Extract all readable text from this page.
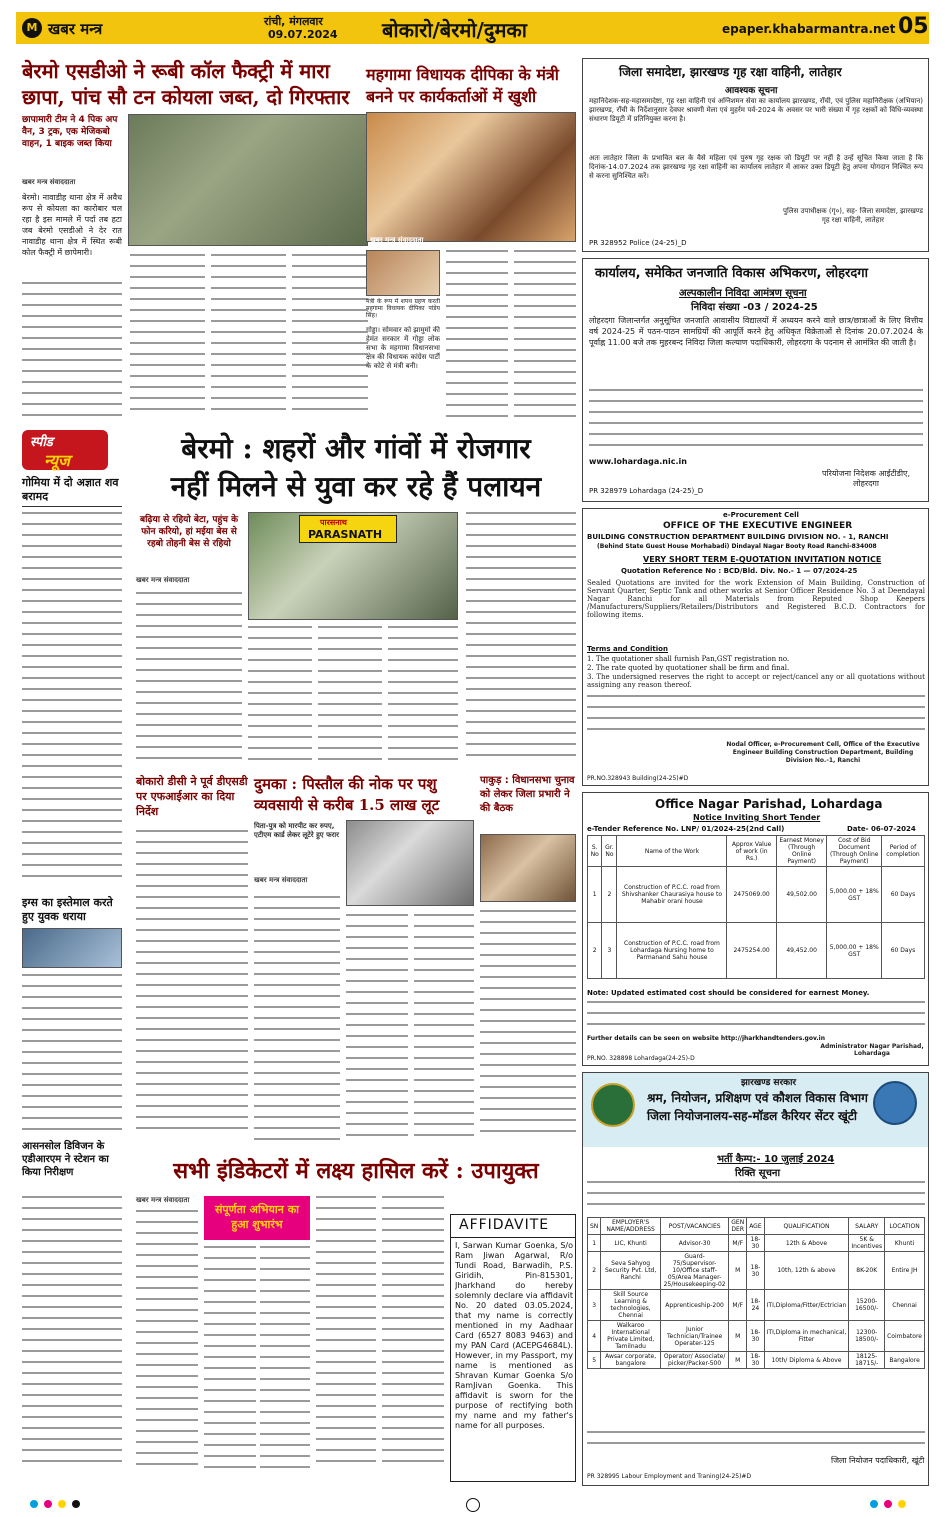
M खबर मन्त्र	रांची, मंगलवार
09.07.2024 बोकारो/बेरमो/दुमका	epaper.khabarmantra.net 05
बेरमो एसडीओ ने रूबी कॉल फैक्ट्री में मारा
छापा, पांच सौ टन कोयला जब्त, दो गिरफ्तार
छापामारी टीम ने 4 पिक अप वैन, 3 ट्रक, एक मेजिकबो वाहन, 1 बाइक जब्त किया
खबर मन्त्र संवाददाता
बेरमो। नावाडीह थाना क्षेत्र में अवैध रूप से कोयला का कारोबार चल रहा है इस मामले में पर्दा तब हटा जब बेरमो एसडीओ ने देर रात नावाडीह थाना क्षेत्र में स्थित रूबी कोल फैक्ट्री में छापेमारी।
महगामा विधायक दीपिका के मंत्री
बनने पर कार्यकर्ताओं में खुशी
खबर मन्त्र संवाददाता
मंत्री के रूप में शपथ ग्रहण करती महगामा विधायक दीपिका पांडेय सिंह।
गोड्डा। सोमवार को झामुमो की हेमंत सरकार में गोड्डा लोक सभा के महगामा विधानसभा क्षेत्र की विधायक कांग्रेस पार्टी के कोटे से मंत्री बनी।
स्पीड
न्यूज
गोमिया में दो अज्ञात शव बरामद
इग्स का इस्तेमाल करते हुए युवक धराया
आसनसोल डिविजन के एडीआरएम ने स्टेशन का किया निरीक्षण
बेरमो : शहरों और गांवों में रोजगार
नहीं मिलने से युवा कर रहे हैं पलायन
बढ़िया से रहियो बेटा, पहुंच के फोन करियो, हां मईया बेस से रहबो तोहनी बेस से रहियो
खबर मन्त्र संवाददाता
पारसनाथ
PARASNATH
बोकारो डीसी ने पूर्व डीएसडी पर एफआईआर का दिया निर्देश
दुमका : पिस्तौल की नोक पर पशु
व्यवसायी से करीब 1.5 लाख लूट
पिता-पुत्र को मारपीट कर रुपए, एटीएम कार्ड लेकर लूटेरे हुए फरार
खबर मन्त्र संवाददाता
पाकुड़ : विधानसभा चुनाव को लेकर जिला प्रभारी ने की बैठक
सभी इंडिकेटरों में लक्ष्य हासिल करें : उपायुक्त
खबर मन्त्र संवाददाता
संपूर्णता अभियान का हुआ शुभारंभ	AFFIDAVITE
I, Sarwan Kumar Goenka, S/o Ram Jiwan Agarwal, R/o Tundi Road, Barwadih, P.S. Giridih, Pin-815301, Jharkhand do hereby solemnly declare via affidavit No. 20 dated 03.05.2024, that my name is correctly mentioned in my Aadhaar Card (6527 8083 9463) and my PAN Card (ACEPG4684L). However, in my Passport, my name is mentioned as Shravan Kumar Goenka S/o RamJivan Goenka. This affidavit is sworn for the purpose of rectifying both my name and my father's name for all purposes.
जिला समादेष्टा, झारखण्ड गृह रक्षा वाहिनी, लातेहार
आवश्यक सूचना
महानिदेशक-सह-महासमादेष्टा, गृह रक्षा वाहिनी एवं अग्निशमन सेवा का कार्यालय झारखण्ड, राँची, एवं पुलिस महानिरीक्षक (अभियान) झारखण्ड, राँची के निर्देशानुसार देवघर श्रावणी मेला एवं मुहर्रम पर्व-2024 के अवसर पर भारी संख्या में गृह रक्षकों को विधि-व्यवस्था संधारण डियूटी में प्रतिनियुक्त करना है।
अतः लातेहार जिला के प्रभावित बल के वैसे महिला एवं पुरुष गृह रक्षक जो डियूटी पर नहीं है उन्हें सूचित किया जाता है कि दिनांक-14.07.2024 तक झारखण्ड गृह रक्षा वाहिनी का कार्यालय लातेहार में आकर उक्त डियूटी हेतु अपना योगदान निश्चित रूप से करना सुनिश्चित करें।
पुलिस उपाधीक्षक (गृ०), सह- जिला समादेष्टा, झारखण्ड गृह रक्षा वाहिनी, लातेहार
PR 328952 Police (24-25)_D
कार्यालय, समेकित जनजाति विकास अभिकरण, लोहरदगा
अल्पकालीन निविदा आमंत्रण सूचना
निविदा संख्या -03 / 2024-25
लोहरदगा जिलान्तर्गत अनुसूचित जनजाति आवासीय विद्यालयों में अध्ययन करने वाले छात्र/छात्राओं के लिए वित्तीय वर्ष 2024-25 में पठन-पाठन सामग्रियों की आपूर्ति करने हेतु अधिकृत विक्रेताओं से दिनांक 20.07.2024 के पूर्वाह्न 11.00 बजे तक मुहरबन्द निविदा जिला कल्याण पदाधिकारी, लोहरदगा के पदनाम से आमंत्रित की जाती है।
www.lohardaga.nic.in
परियोजना निदेशक आईटीडीए, लोहरदगा
PR 328979 Lohardaga (24-25)_D
e-Procurement Cell
OFFICE OF THE EXECUTIVE ENGINEER
BUILDING CONSTRUCTION DEPARTMENT BUILDING DIVISION NO. - 1, RANCHI
(Behind State Guest House Morhabadi) Dindayal Nagar Booty Road Ranchi-834008
VERY SHORT TERM E-QUOTATION INVITATION NOTICE
Quotation Reference No : BCD/Bld. Div. No.- 1 — 07/2024-25
Sealed Quotations are invited for the work Extension of Main Building, Construction of Servant Quarter, Septic Tank and other works at Senior Officer Residence No. 3 at Deendayal Nagar Ranchi for all Materials from Reputed Shop Keepers /Manufacturers/Suppliers/Retailers/Distributors and Registered B.C.D. Contractors for following items.
Terms and Condition
1. The quotationer shall furnish Pan,GST registration no.
2. The rate quoted by quotationer shall be firm and final.
3. The undersigned reserves the right to accept or reject/cancel any or all quotations without assigning any reason thereof.
Nodal Officer, e-Procurement Cell, Office of the Executive Engineer Building Construction Department, Building Division No.-1, Ranchi
PR.NO.328943 Building(24-25)#D
Office Nagar Parishad, Lohardaga
Notice Inviting Short Tender
e-Tender Reference No. LNP/ 01/2024-25(2nd Call)	Date- 06-07-2024
S. No	Gr. No	Name of the Work	Approx Value of work (in Rs.)	Earnest Money (Through Online Payment)	Cost of Bid Document (Through Online Payment)	Period of completion
1	2	Construction of P.C.C. road from Shivshanker Chaurasiya house to Mahabir orani house	2475069.00	49,502.00	5,000.00 + 18% GST	60 Days
2	3	Construction of P.C.C. road from Lohardaga Nursing home to Parmanand Sahu house	2475254.00	49,452.00	5,000.00 + 18% GST	60 Days
Note: Updated estimated cost should be considered for earnest Money.
Further details can be seen on website http://jharkhandtenders.gov.in
Administrator Nagar Parishad, Lohardaga
PR.NO. 328898 Lohardaga(24-25)-D
झारखण्ड सरकार
श्रम, नियोजन, प्रशिक्षण एवं कौशल विकास विभाग
जिला नियोजनालय-सह-मॉडल कैरियर सेंटर खूंटी
भर्ती कैम्प:- 10 जुलाई 2024
रिक्ति सूचना
SN	EMPLOYER'S NAME/ADDRESS	POST/VACANCIES	GEN DER	AGE	QUALIFICATION	SALARY	LOCATION
1	LIC, Khunti	Advisor-30	M/F	18-30	12th & Above	5K & Incentives	Khunti
2	Seva Sahyog Security Pvt. Ltd, Ranchi	Guard-75/Supervisor-10/Office staff-05/Area Manager-25/Housekeeping-02	M	18-30	10th, 12th & above	8K-20K	Entire JH
3	Skill Source Learning & technologies, Chennai	Apprenticeship-200	M/F	18-24	ITI,Diploma/Fitter/Ectrician	15200-16500/-	Chennai
4	Walkaroo International Private Limited, Tamilnadu	Junior Technician/Trainee Operater-125	M	18-30	ITI,Diploma in mechanical, Fitter	12300-18500/-	Coimbatore
5	Awsar corporate, bangalore	Operator/ Associate/ picker/Packer-500	M	18-30	10th/ Diploma & Above	18125-18715/-	Bangalore
जिला नियोजन पदाधिकारी, खूंटी
PR 328995 Labour Employment and Traning(24-25)#D
